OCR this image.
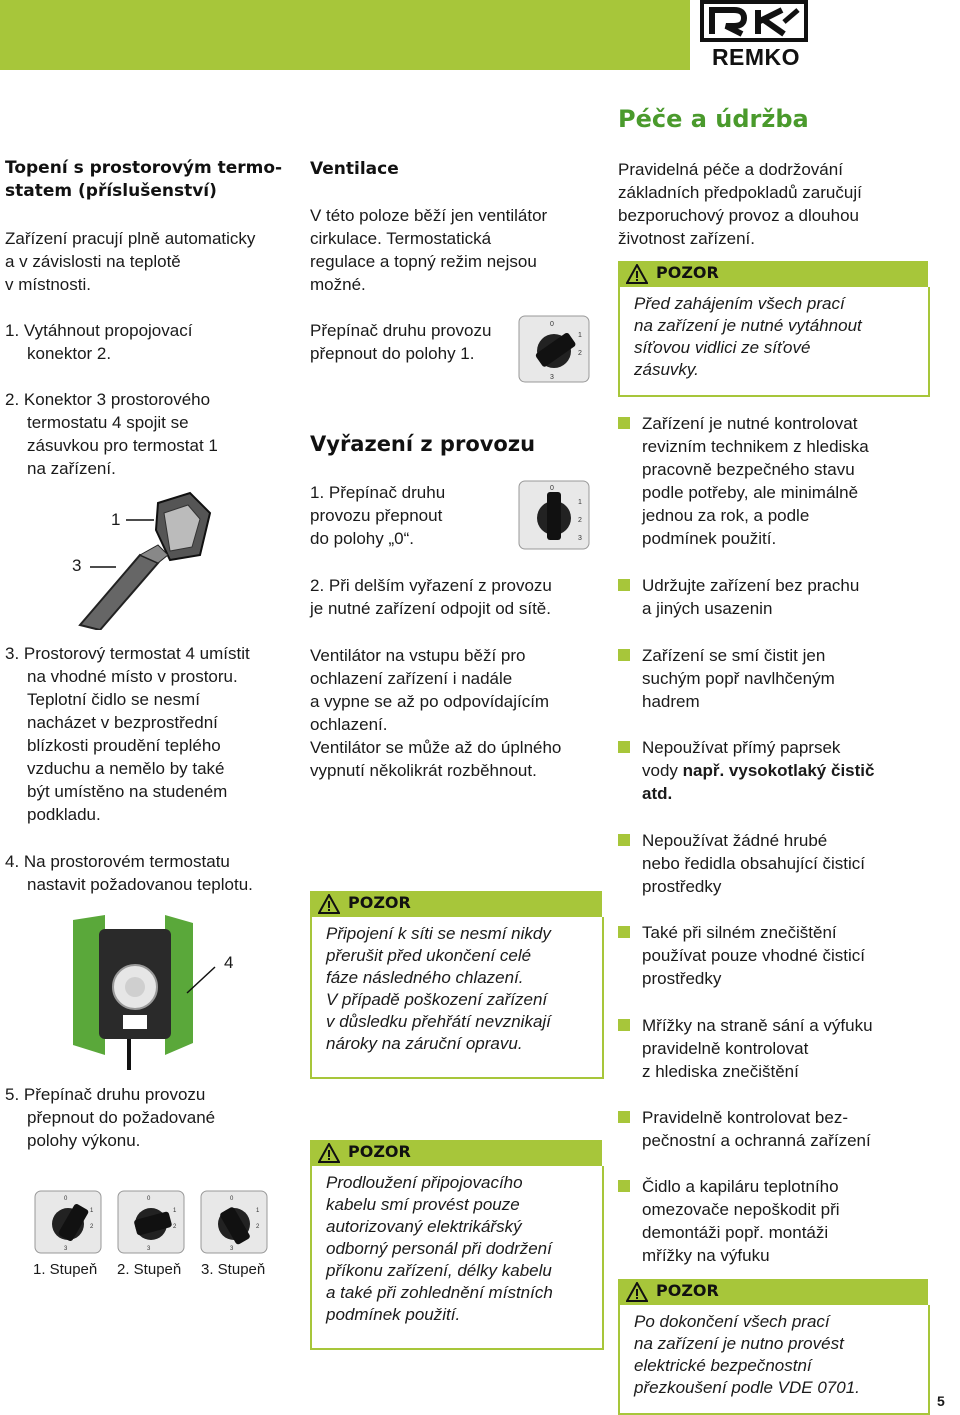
REMKO
Péče a údržba
Topení s prostorovým termo-
statem (příslušenství)

Zařízení pracují plně automaticky

a v závislosti na teplotě

v místnosti.

1. Vytáhnout propojovací

konektor 2.

2. Konektor 3 prostorového

termostatu 4 spojit se

zásuvkou pro termostat 1

na zařízení.

1
3

3. Prostorový termostat 4 umístit

na vhodné místo v prostoru.

Teplotní čidlo se nesmí

nacházet v bezprostřední

blízkosti proudění teplého

vzduchu a nemělo by také

být umístěno na studeném

podkladu.

4. Na prostorovém termostatu

nastavit požadovanou teplotu.

4

5. Přepínač druhu provozu

přepnout do požadované

polohy výkonu.

0
1
2
3
0
1
2
3
0
1
2
3
1. Stupeň 2. Stupeň 3. Stupeň
Ventilace

V této poloze běží jen ventilátor

cirkulace. Termostatická

regulace a topný režim nejsou

možné.

Přepínač druhu provozu

přepnout do polohy 1.

0
1
2
3
Vyřazení z provozu

1. Přepínač druhu

provozu přepnout

do polohy „0“.

0
1
2
3

2. Při delším vyřazení z provozu

je nutné zařízení odpojit od sítě.

Ventilátor na vstupu běží pro

ochlazení zařízení i nadále

a vypne se až po odpovídajícím

ochlazení.

Ventilátor se může až do úplného

vypnutí několikrát rozběhnout.

POZOR

Připojení k síti se nesmí nikdy

přerušit před ukončení celé

fáze následného chlazení.

V případě poškození zařízení

v důsledku přehřátí nevznikají

nároky na záruční opravu.

POZOR

Prodloužení připojovacího

kabelu smí provést pouze

autorizovaný elektrikářský

odborný personál při dodržení

příkonu zařízení, délky kabelu

a také při zohlednění místních

podmínek použití.

Pravidelná péče a dodržování

základních předpokladů zaručují

bezporuchový provoz a dlouhou

životnost zařízení.

POZOR

Před zahájením všech prací

na zařízení je nutné vytáhnout

síťovou vidlici ze síťové

zásuvky.

Zařízení je nutné kontrolovat
revizním technikem z hlediska
pracovně bezpečného stavu
podle potřeby, ale minimálně
jednou za rok, a podle
podmínek použití.
Udržujte zařízení bez prachu
a jiných usazenin
Zařízení se smí čistit jen
suchým popř navlhčeným
hadrem
Nepoužívat přímý paprsek
vody např. vysokotlaký čistič
atd.
Nepoužívat žádné hrubé
nebo ředidla obsahující čisticí
prostředky
Také při silném znečištění
používat pouze vhodné čisticí
prostředky
Mřížky na straně sání a výfuku
pravidelně kontrolovat
z hlediska znečištění
Pravidelně kontrolovat bez-
pečnostní a ochranná zařízení
Čidlo a kapiláru teplotního
omezovače nepoškodit při
demontáži popř. montáži
mřížky na výfuku
POZOR

Po dokončení všech prací

na zařízení je nutno provést

elektrické bezpečnostní

přezkoušení podle VDE 0701.

5
